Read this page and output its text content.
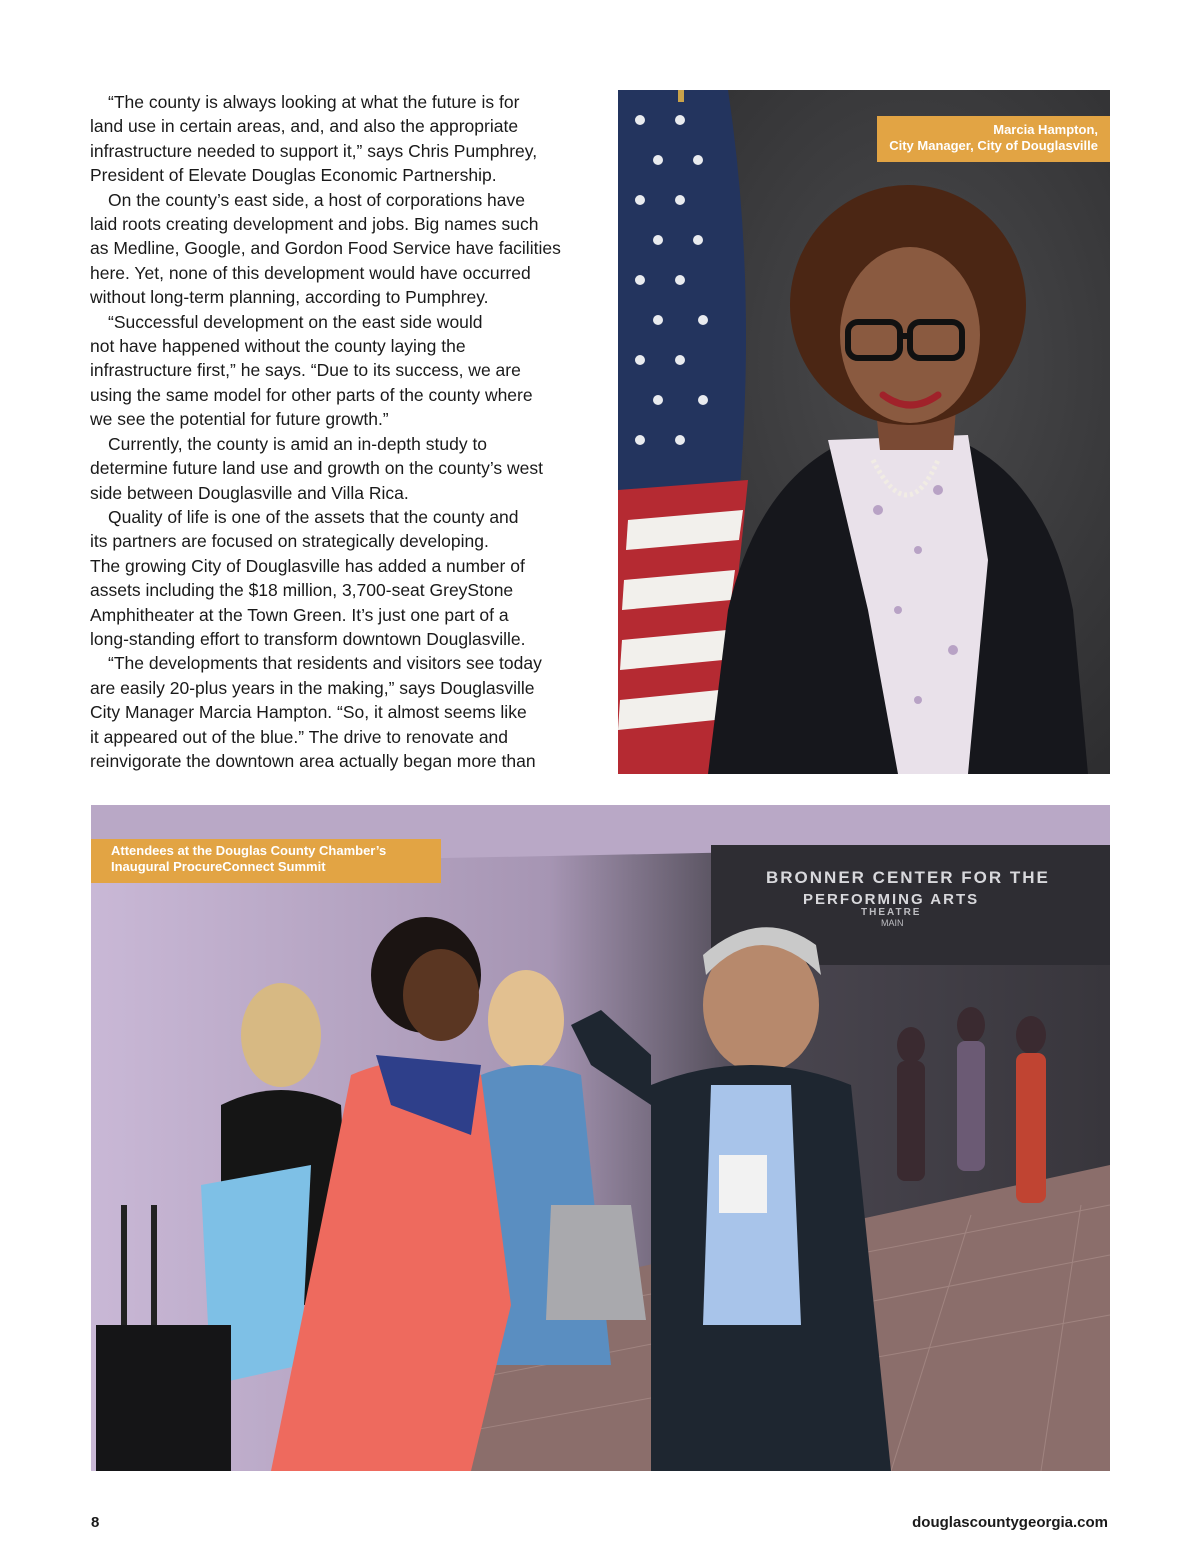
“The county is always looking at what the future is for
land use in certain areas, and, and also the appropriate
infrastructure needed to support it,” says Chris Pumphrey,
President of Elevate Douglas Economic Partnership.

On the county’s east side, a host of corporations have
laid roots creating development and jobs. Big names such
as Medline, Google, and Gordon Food Service have facilities
here. Yet, none of this development would have occurred
without long-term planning, according to Pumphrey.

“Successful development on the east side would
not have happened without the county laying the
infrastructure first,” he says. “Due to its success, we are
using the same model for other parts of the county where
we see the potential for future growth.”

Currently, the county is amid an in-depth study to
determine future land use and growth on the county’s west
side between Douglasville and Villa Rica.

Quality of life is one of the assets that the county and
its partners are focused on strategically developing.
The growing City of Douglasville has added a number of
assets including the $18 million, 3,700-seat GreyStone
Amphitheater at the Town Green. It’s just one part of a
long-standing effort to transform downtown Douglasville.

“The developments that residents and visitors see today
are easily 20-plus years in the making,” says Douglasville
City Manager Marcia Hampton. “So, it almost seems like
it appeared out of the blue.” The drive to renovate and
reinvigorate the downtown area actually began more than

Marcia Hampton,
City Manager, City of Douglasville
BRONNER CENTER FOR THE
PERFORMING ARTS
THEATRE
MAIN
Attendees at the Douglas County Chamber’s
Inaugural ProcureConnect Summit
8	douglascountygeorgia.com
